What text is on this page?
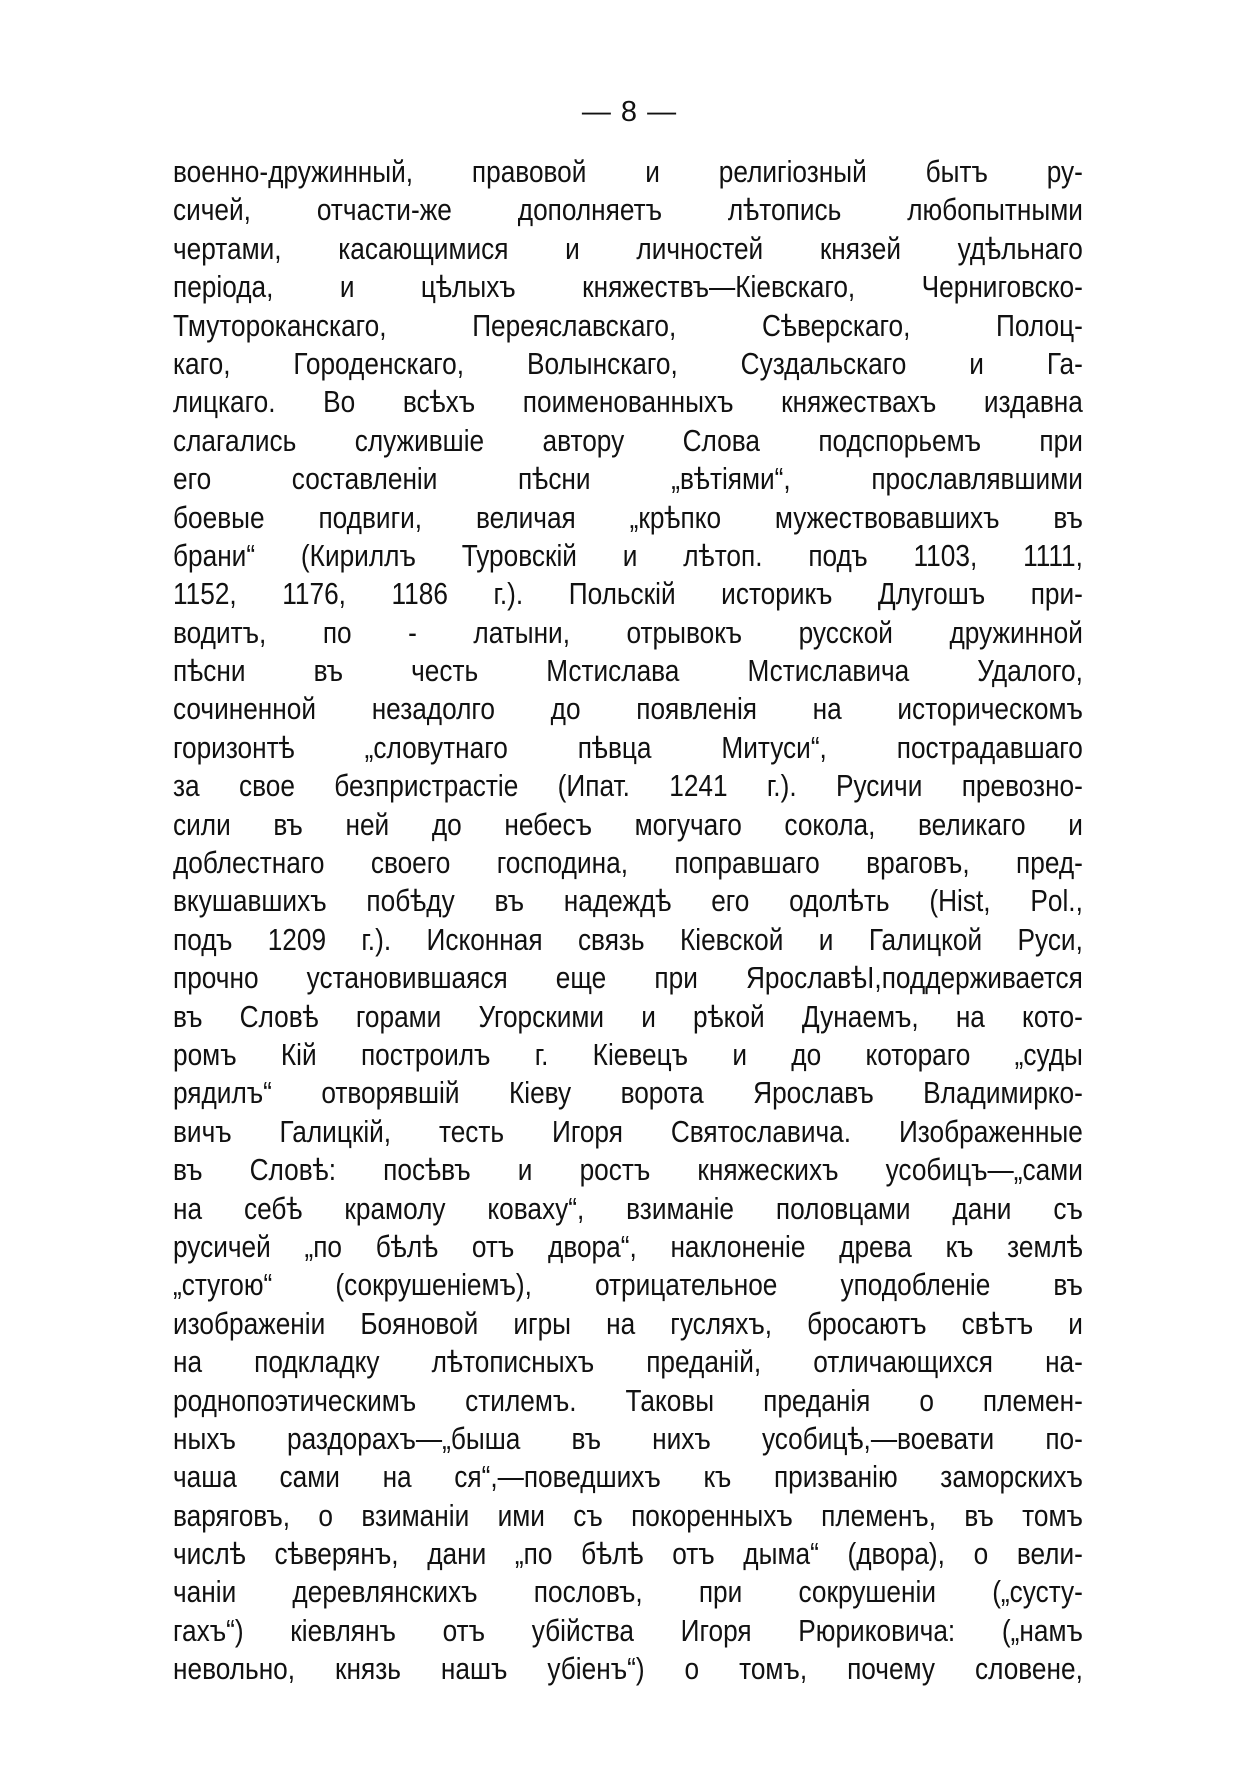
— 8 —
военно-дружинный, правовой и религiозный бытъ ру-
сичей, отчасти-же дополняетъ лѣтопись любопытными
чертами, касающимися и личностей князей удѣльнаго
перiода, и цѣлыхъ княжествъ—Кiевскаго, Черниговско-
Тмутороканскаго, Переяславскаго, Сѣверскаго, Полоц-
каго, Городенскаго, Волынскаго, Суздальскаго и Га-
лицкаго. Во всѣхъ поименованныхъ княжествахъ издавна
слагались служившiе автору Слова подспорьемъ при
его составленiи пѣсни „вѣтiями“, прославлявшими
боевые подвиги, величая „крѣпко мужествовавшихъ въ
брани“ (Кириллъ Туровскiй и лѣтоп. подъ 1103, 1111,
1152, 1176, 1186 г.). Польскiй историкъ Длугошъ при-
водитъ, по - латыни, отрывокъ русской дружинной
пѣсни въ честь Мстислава Мстиславича Удалого,
сочиненной незадолго до появленiя на историческомъ
горизонтѣ „словутнаго пѣвца Митуси“, пострадавшаго
за свое безпристрастiе (Ипат. 1241 г.). Русичи превозно-
сили въ ней до небесъ могучаго сокола, великаго и
доблестнаго своего господина, поправшаго враговъ, пред-
вкушавшихъ побѣду въ надеждѣ его одолѣть (Hist, Pol.,
подъ 1209 г.). Исконная связь Кiевской и Галицкой Руси,
прочно установившаяся еще при ЯрославѣI,поддерживается
въ Словѣ горами Угорскими и рѣкой Дунаемъ, на кото-
ромъ Кiй построилъ г. Кiевецъ и до котораго „суды
рядилъ“ отворявшiй Кiеву ворота Ярославъ Владимирко-
вичъ Галицкiй, тесть Игоря Святославича. Изображенные
въ Словѣ: посѣвъ и ростъ княжескихъ усобицъ—„сами
на себѣ крамолу коваху“, взиманiе половцами дани съ
русичей „по бѣлѣ отъ двора“, наклоненiе древа къ землѣ
„стугою“ (сокрушенiемъ), отрицательное уподобленiе въ
изображенiи Бояновой игры на гусляхъ, бросаютъ свѣтъ и
на подкладку лѣтописныхъ преданiй, отличающихся на-
роднопоэтическимъ стилемъ. Таковы преданiя о племен-
ныхъ раздорахъ—„быша въ нихъ усобицѣ,—воевати по-
чаша сами на ся“,—поведшихъ къ призванiю заморскихъ
варяговъ, о взиманiи ими съ покоренныхъ племенъ, въ томъ
числѣ сѣверянъ, дани „по бѣлѣ отъ дыма“ (двора), о вели-
чанiи деревлянскихъ пословъ, при сокрушенiи („сусту-
гахъ“) кiевлянъ отъ убiйства Игоря Рюриковича: („намъ
невольно, князь нашъ убiенъ“) о томъ, почему словене,
